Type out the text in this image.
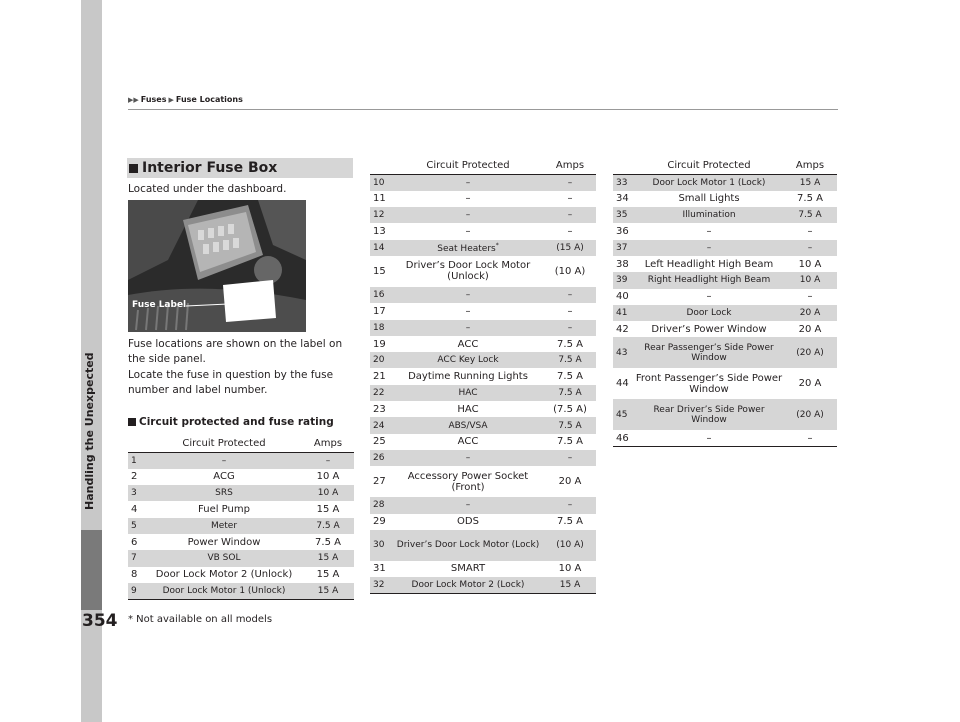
Handling the Unexpected
354
▶▶ Fuses ▶ Fuse Locations
Interior Fuse Box
Located under the dashboard.
Fuse Label
Fuse locations are shown on the label on
the side panel.
Locate the fuse in question by the fuse
number and label number.
Circuit protected and fuse rating
	Circuit Protected	Amps
1	–	–
2	ACG	10 A
3	SRS	10 A
4	Fuel Pump	15 A
5	Meter	7.5 A
6	Power Window	7.5 A
7	VB SOL	15 A
8	Door Lock Motor 2 (Unlock)	15 A
9	Door Lock Motor 1 (Unlock)	15 A
	Circuit Protected	Amps
10	–	–
11	–	–
12	–	–
13	–	–
14	Seat Heaters*	(15 A)
15	Driver’s Door Lock Motor (Unlock)	(10 A)
16	–	–
17	–	–
18	–	–
19	ACC	7.5 A
20	ACC Key Lock	7.5 A
21	Daytime Running Lights	7.5 A
22	HAC	7.5 A
23	HAC	(7.5 A)
24	ABS/VSA	7.5 A
25	ACC	7.5 A
26	–	–
27	Accessory Power Socket (Front)	20 A
28	–	–
29	ODS	7.5 A
30	Driver’s Door Lock Motor (Lock)	(10 A)
31	SMART	10 A
32	Door Lock Motor 2 (Lock)	15 A
	Circuit Protected	Amps
33	Door Lock Motor 1 (Lock)	15 A
34	Small Lights	7.5 A
35	Illumination	7.5 A
36	–	–
37	–	–
38	Left Headlight High Beam	10 A
39	Right Headlight High Beam	10 A
40	–	–
41	Door Lock	20 A
42	Driver’s Power Window	20 A
43	Rear Passenger’s Side Power Window	(20 A)
44	Front Passenger’s Side Power Window	20 A
45	Rear Driver’s Side Power Window	(20 A)
46	–	–
* Not available on all models
